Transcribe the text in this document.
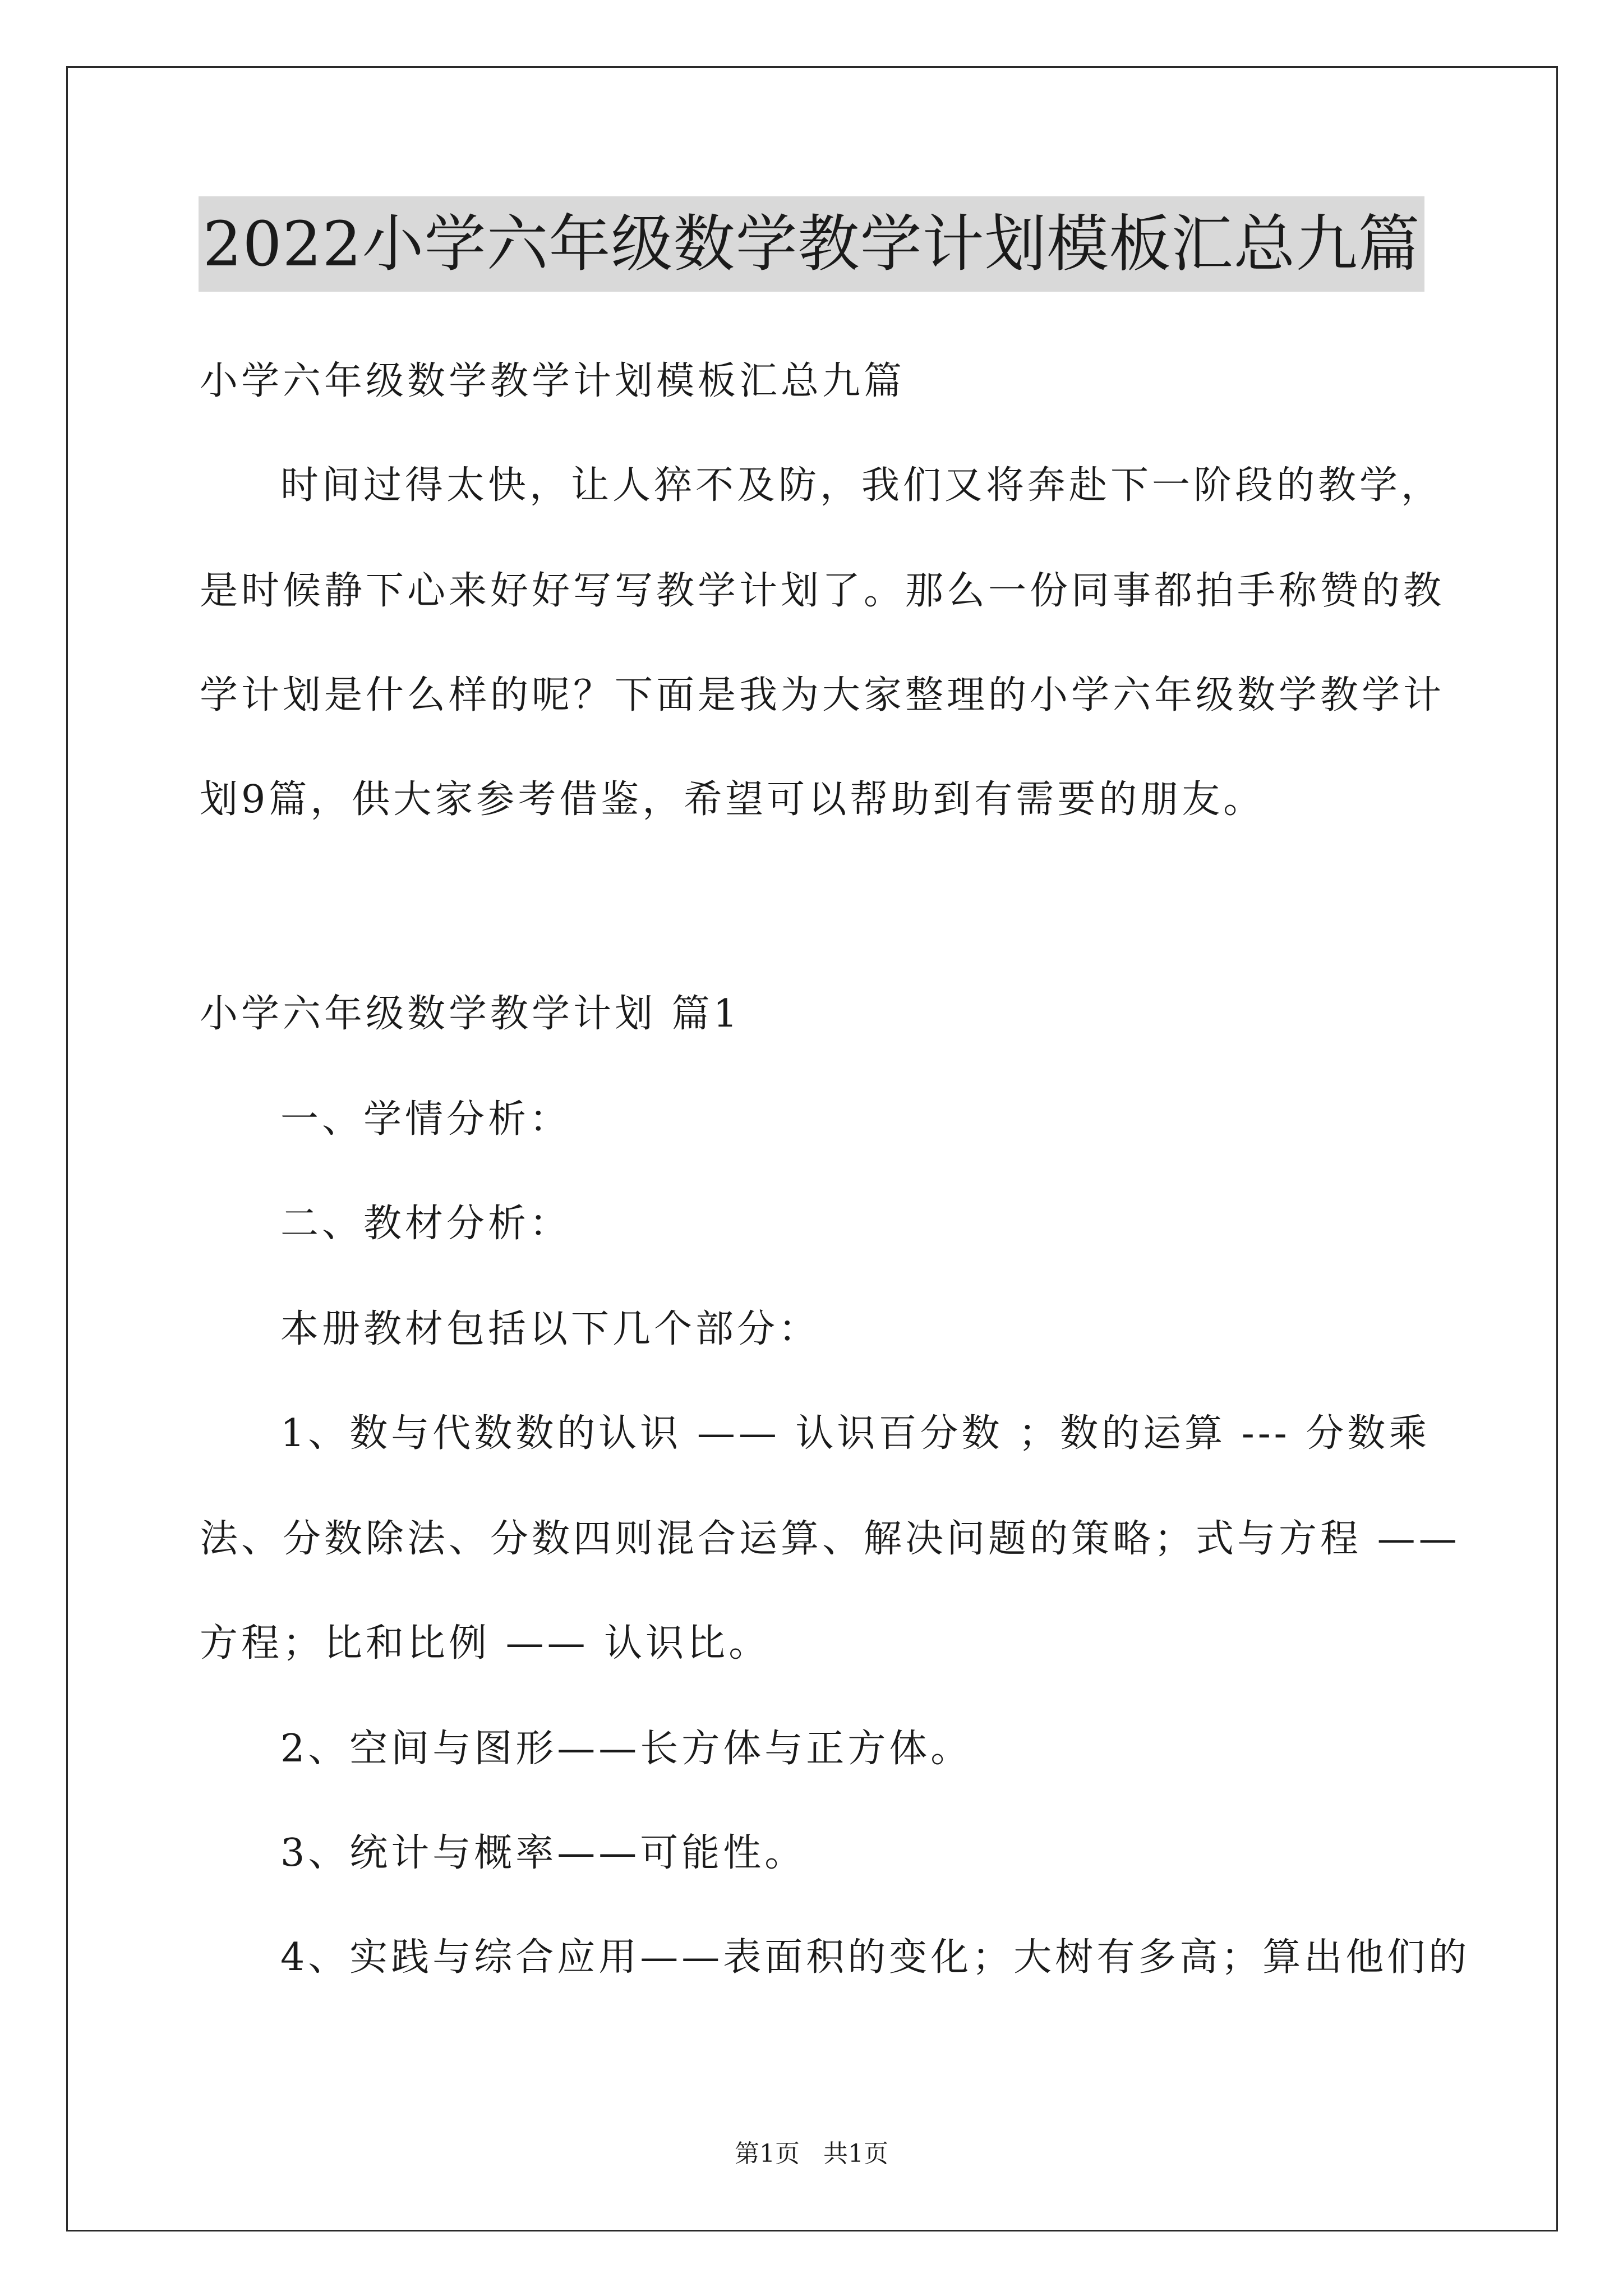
2022小学六年级数学教学计划模板汇总九篇
小学六年级数学教学计划模板汇总九篇
时间过得太快，让人猝不及防，我们又将奔赴下一阶段的教学，
是时候静下心来好好写写教学计划了。那么一份同事都拍手称赞的教
学计划是什么样的呢？下面是我为大家整理的小学六年级数学教学计
划9篇，供大家参考借鉴，希望可以帮助到有需要的朋友。
小学六年级数学教学计划 篇1
一、学情分析：
二、教材分析：
本册教材包括以下几个部分：
1、数与代数数的认识 —— 认识百分数 ；数的运算 --- 分数乘
法、分数除法、分数四则混合运算、解决问题的策略；式与方程 ——
方程；比和比例 —— 认识比。
2、空间与图形——长方体与正方体。
3、统计与概率——可能性。
4、实践与综合应用——表面积的变化；大树有多高；算出他们的
第1页   共1页
